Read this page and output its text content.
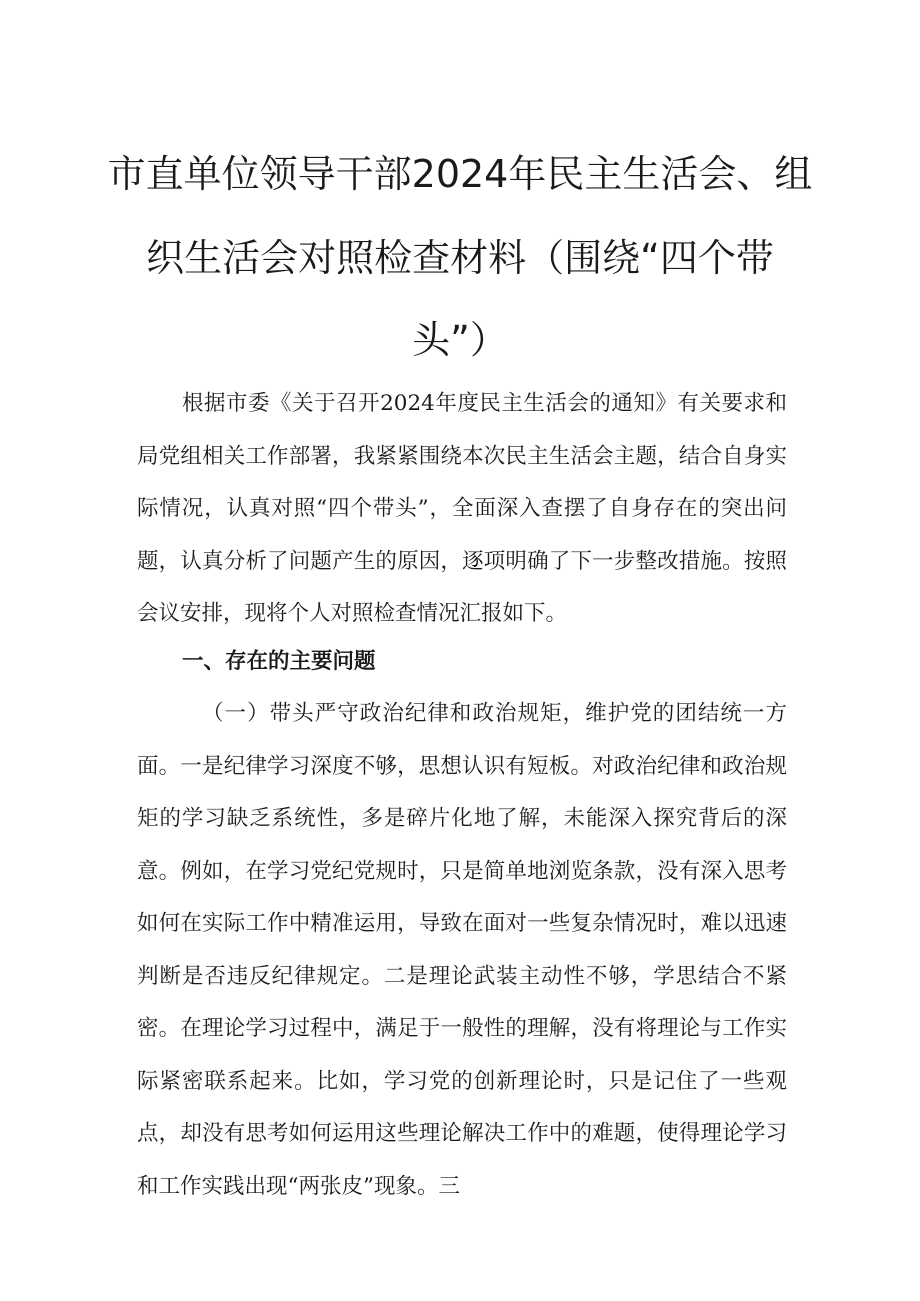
市直单位领导干部2024年民主生活会、组
织生活会对照检查材料（围绕“四个带
头”）
根据市委《关于召开2024年度民主生活会的通知》有关要求和局党组相关工作部署，我紧紧围绕本次民主生活会主题，结合自身实际情况，认真对照“四个带头”，全面深入查摆了自身存在的突出问题，认真分析了问题产生的原因，逐项明确了下一步整改措施。按照会议安排，现将个人对照检查情况汇报如下。
一、存在的主要问题
（一）带头严守政治纪律和政治规矩，维护党的团结统一方面。一是纪律学习深度不够，思想认识有短板。对政治纪律和政治规矩的学习缺乏系统性，多是碎片化地了解，未能深入探究背后的深意。例如，在学习党纪党规时，只是简单地浏览条款，没有深入思考如何在实际工作中精准运用，导致在面对一些复杂情况时，难以迅速判断是否违反纪律规定。二是理论武装主动性不够，学思结合不紧密。在理论学习过程中，满足于一般性的理解，没有将理论与工作实际紧密联系起来。比如，学习党的创新理论时，只是记住了一些观点，却没有思考如何运用这些理论解决工作中的难题，使得理论学习和工作实践出现“两张皮”现象。三
